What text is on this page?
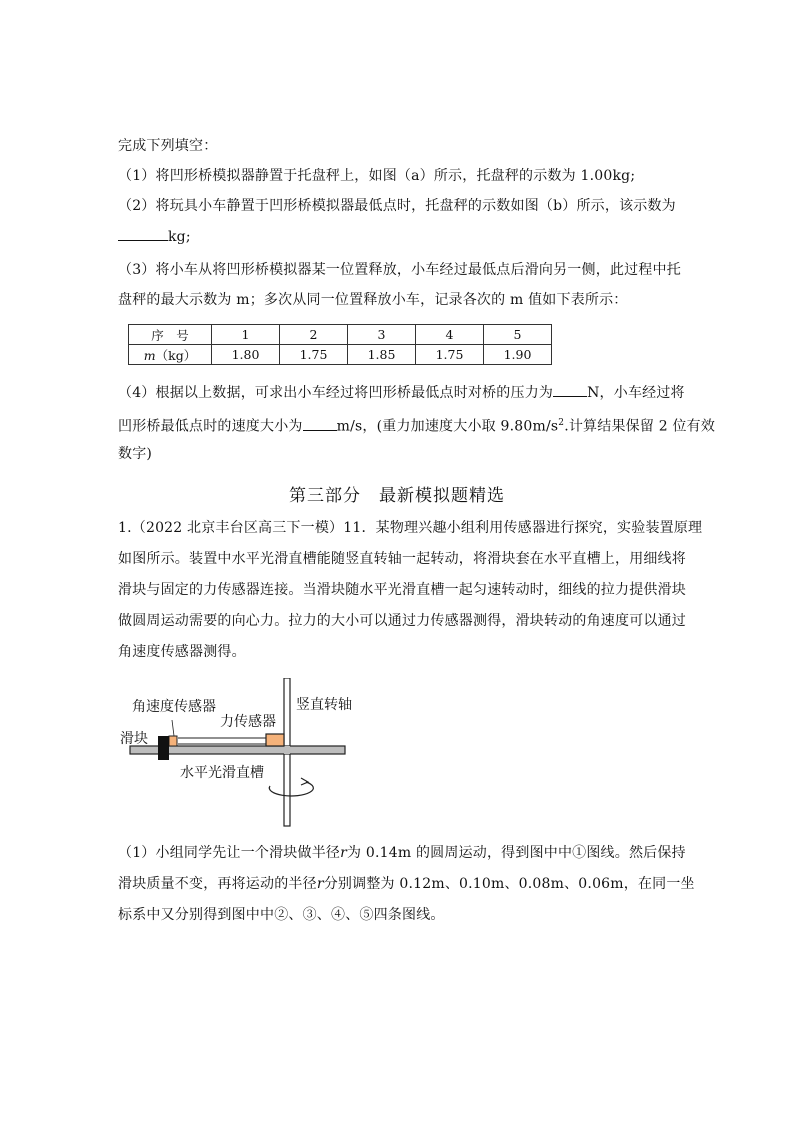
完成下列填空：
（1）将凹形桥模拟器静置于托盘秤上，如图（a）所示，托盘秤的示数为 1.00kg;
（2）将玩具小车静置于凹形桥模拟器最低点时，托盘秤的示数如图（b）所示，该示数为
kg;
（3）将小车从将凹形桥模拟器某一位置释放，小车经过最低点后滑向另一侧，此过程中托
盘秤的最大示数为 m；多次从同一位置释放小车，记录各次的 m 值如下表所示：
序　号	1	2	3	4	5
m（kg）	1.80	1.75	1.85	1.75	1.90
（4）根据以上数据，可求出小车经过将凹形桥最低点时对桥的压力为 N，小车经过将
凹形桥最低点时的速度大小为 m/s，(重力加速度大小取 $9.80m/s^2$.计算结果保留 2 位有效
数字)
第三部分　最新模拟题精选
1.（2022 北京丰台区高三下一模）11．某物理兴趣小组利用传感器进行探究，实验装置原理
如图所示。装置中水平光滑直槽能随竖直转轴一起转动，将滑块套在水平直槽上，用细线将
滑块与固定的力传感器连接。当滑块随水平光滑直槽一起匀速转动时，细线的拉力提供滑块
做圆周运动需要的向心力。拉力的大小可以通过力传感器测得，滑块转动的角速度可以通过
角速度传感器测得。
角速度传感器	竖直转轴
力传感器
滑块
水平光滑直槽
（1）小组同学先让一个滑块做半径r为 0.14m 的圆周运动，得到图中中①图线。然后保持
滑块质量不变，再将运动的半径r分别调整为 0.12m、0.10m、0.08m、0.06m，在同一坐
标系中又分别得到图中中②、③、④、⑤四条图线。
